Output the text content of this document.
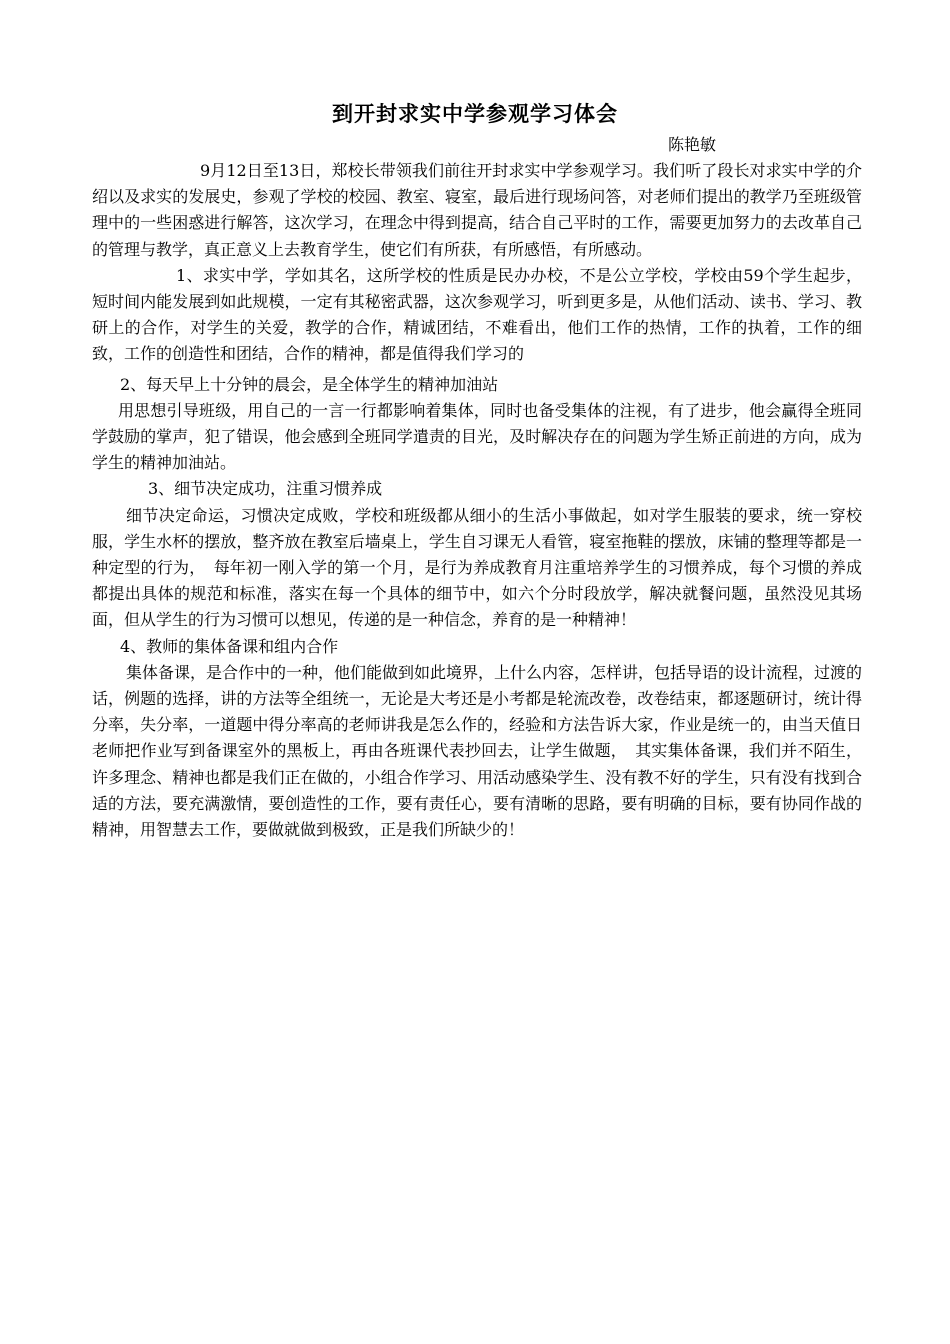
到开封求实中学参观学习体会

陈艳敏

9月12日至13日，郑校长带领我们前往开封求实中学参观学习。我们听了段长对求实中学的介绍以及求实的发展史，参观了学校的校园、教室、寝室，最后进行现场问答，对老师们提出的教学乃至班级管理中的一些困惑进行解答，这次学习，在理念中得到提高，结合自己平时的工作，需要更加努力的去改革自己的管理与教学，真正意义上去教育学生，使它们有所获，有所感悟，有所感动。

1、求实中学，学如其名，这所学校的性质是民办办校，不是公立学校，学校由59个学生起步，短时间内能发展到如此规模，一定有其秘密武器，这次参观学习，听到更多是，从他们活动、读书、学习、教研上的合作，对学生的关爱，教学的合作，精诚团结，不难看出，他们工作的热情，工作的执着，工作的细致，工作的创造性和团结，合作的精神，都是值得我们学习的

2、每天早上十分钟的晨会，是全体学生的精神加油站

用思想引导班级，用自己的一言一行都影响着集体，同时也备受集体的注视，有了进步，他会赢得全班同学鼓励的掌声，犯了错误，他会感到全班同学遣责的目光，及时解决存在的问题为学生矫正前进的方向，成为学生的精神加油站。

3、细节决定成功，注重习惯养成

细节决定命运，习惯决定成败，学校和班级都从细小的生活小事做起，如对学生服装的要求，统一穿校服，学生水杯的摆放，整齐放在教室后墙桌上，学生自习课无人看管，寝室拖鞋的摆放，床铺的整理等都是一种定型的行为，　每年初一刚入学的第一个月，是行为养成教育月注重培养学生的习惯养成，每个习惯的养成都提出具体的规范和标准，落实在每一个具体的细节中，如六个分时段放学，解决就餐问题，虽然没见其场面，但从学生的行为习惯可以想见，传递的是一种信念，养育的是一种精神！

4、教师的集体备课和组内合作

集体备课，是合作中的一种，他们能做到如此境界，上什么内容，怎样讲，包括导语的设计流程，过渡的话，例题的选择，讲的方法等全组统一，无论是大考还是小考都是轮流改卷，改卷结束，都逐题研讨，统计得分率，失分率，一道题中得分率高的老师讲我是怎么作的，经验和方法告诉大家，作业是统一的，由当天值日老师把作业写到备课室外的黑板上，再由各班课代表抄回去，让学生做题，　其实集体备课，我们并不陌生，许多理念、精神也都是我们正在做的，小组合作学习、用活动感染学生、没有教不好的学生，只有没有找到合适的方法，要充满激情，要创造性的工作，要有责任心，要有清晰的思路，要有明确的目标，要有协同作战的精神，用智慧去工作，要做就做到极致，正是我们所缺少的！
